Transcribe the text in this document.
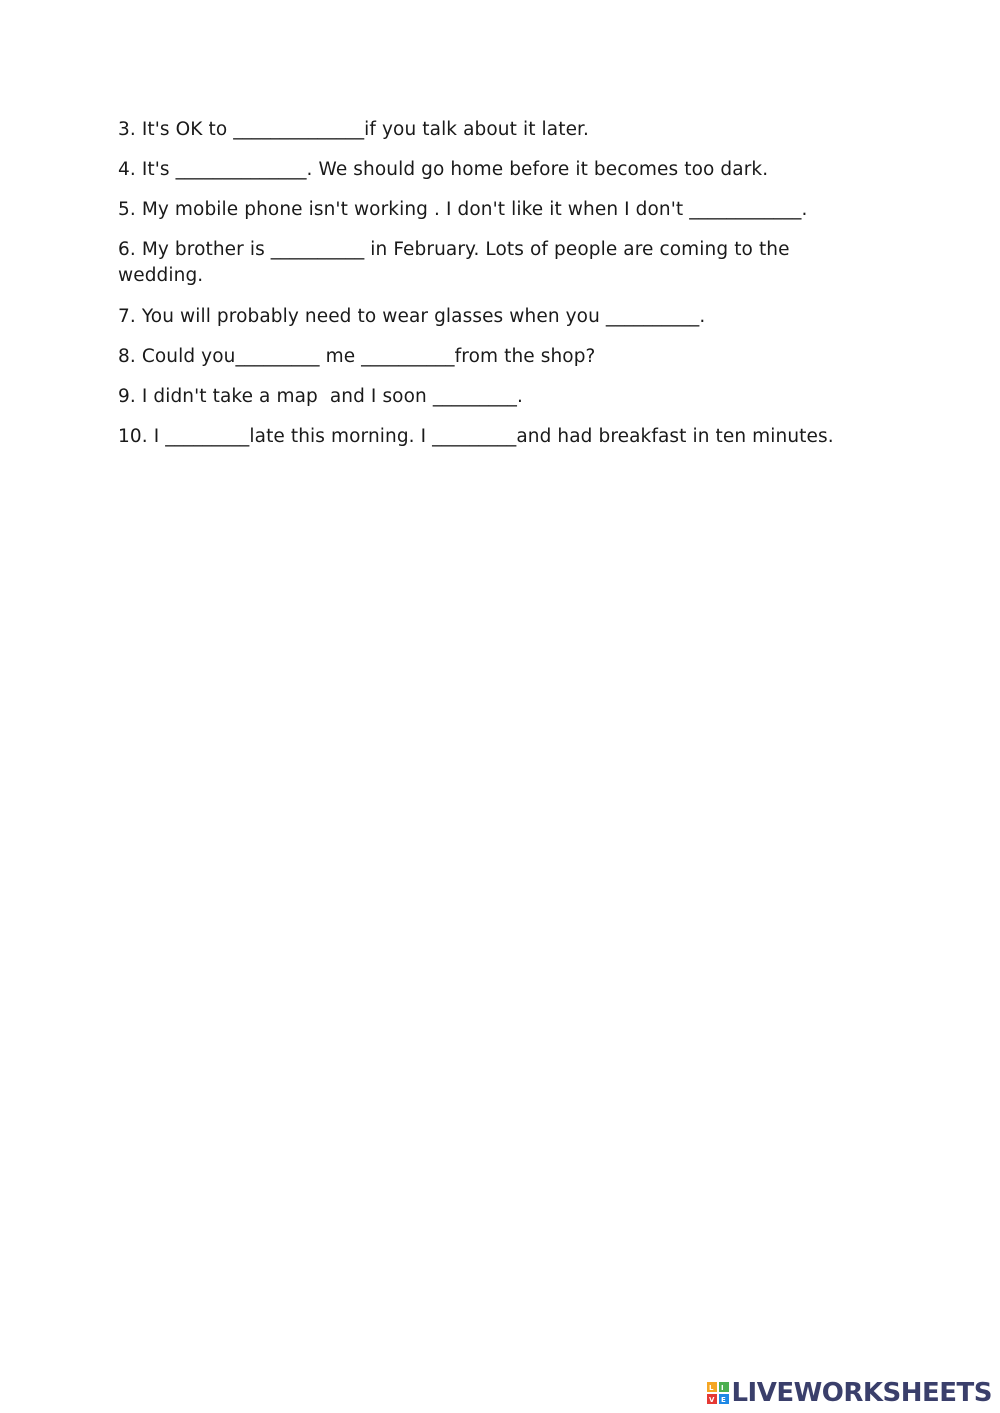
3. It's OK to ______________if you talk about it later.

4. It's ______________. We should go home before it becomes too dark.

5. My mobile phone isn't working . I don't like it when I don't ____________.

6. My brother is __________ in February. Lots of people are coming to the wedding.

7. You will probably need to wear glasses when you __________.

8. Could you_________ me __________from the shop?

9. I didn't take a map  and I soon _________.

10. I _________late this morning. I _________and had breakfast in ten minutes.

L I
V E LIVEWORKSHEETS
